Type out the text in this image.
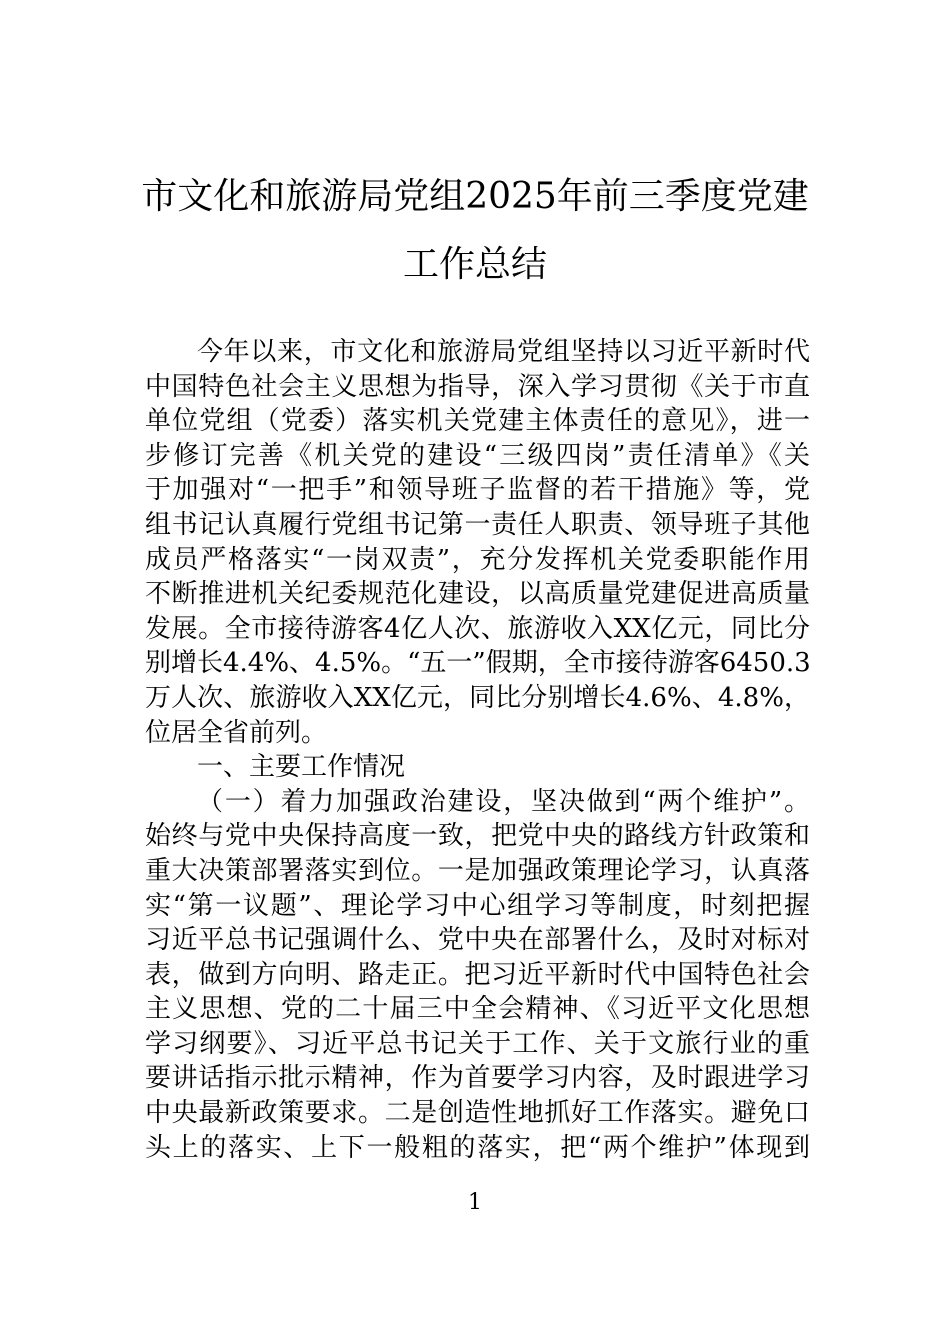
市文化和旅游局党组2025年前三季度党建
工作总结
今年以来，市文化和旅游局党组坚持以习近平新时代
中国特色社会主义思想为指导，深入学习贯彻《关于市直
单位党组（党委）落实机关党建主体责任的意见》，进一
步修订完善《机关党的建设“三级四岗”责任清单》《关
于加强对“一把手”和领导班子监督的若干措施》等，党
组书记认真履行党组书记第一责任人职责、领导班子其他
成员严格落实“一岗双责”，充分发挥机关党委职能作用
不断推进机关纪委规范化建设，以高质量党建促进高质量
发展。全市接待游客4亿人次、旅游收入XX亿元，同比分
别增长4.4%、4.5%。“五一”假期，全市接待游客6450.3
万人次、旅游收入XX亿元，同比分别增长4.6%、4.8%，
位居全省前列。
一、主要工作情况
（一）着力加强政治建设，坚决做到“两个维护”。
始终与党中央保持高度一致，把党中央的路线方针政策和
重大决策部署落实到位。一是加强政策理论学习，认真落
实“第一议题”、理论学习中心组学习等制度，时刻把握
习近平总书记强调什么、党中央在部署什么，及时对标对
表，做到方向明、路走正。把习近平新时代中国特色社会
主义思想、党的二十届三中全会精神、《习近平文化思想
学习纲要》、习近平总书记关于工作、关于文旅行业的重
要讲话指示批示精神，作为首要学习内容，及时跟进学习
中央最新政策要求。二是创造性地抓好工作落实。避免口
头上的落实、上下一般粗的落实，把“两个维护”体现到
1
